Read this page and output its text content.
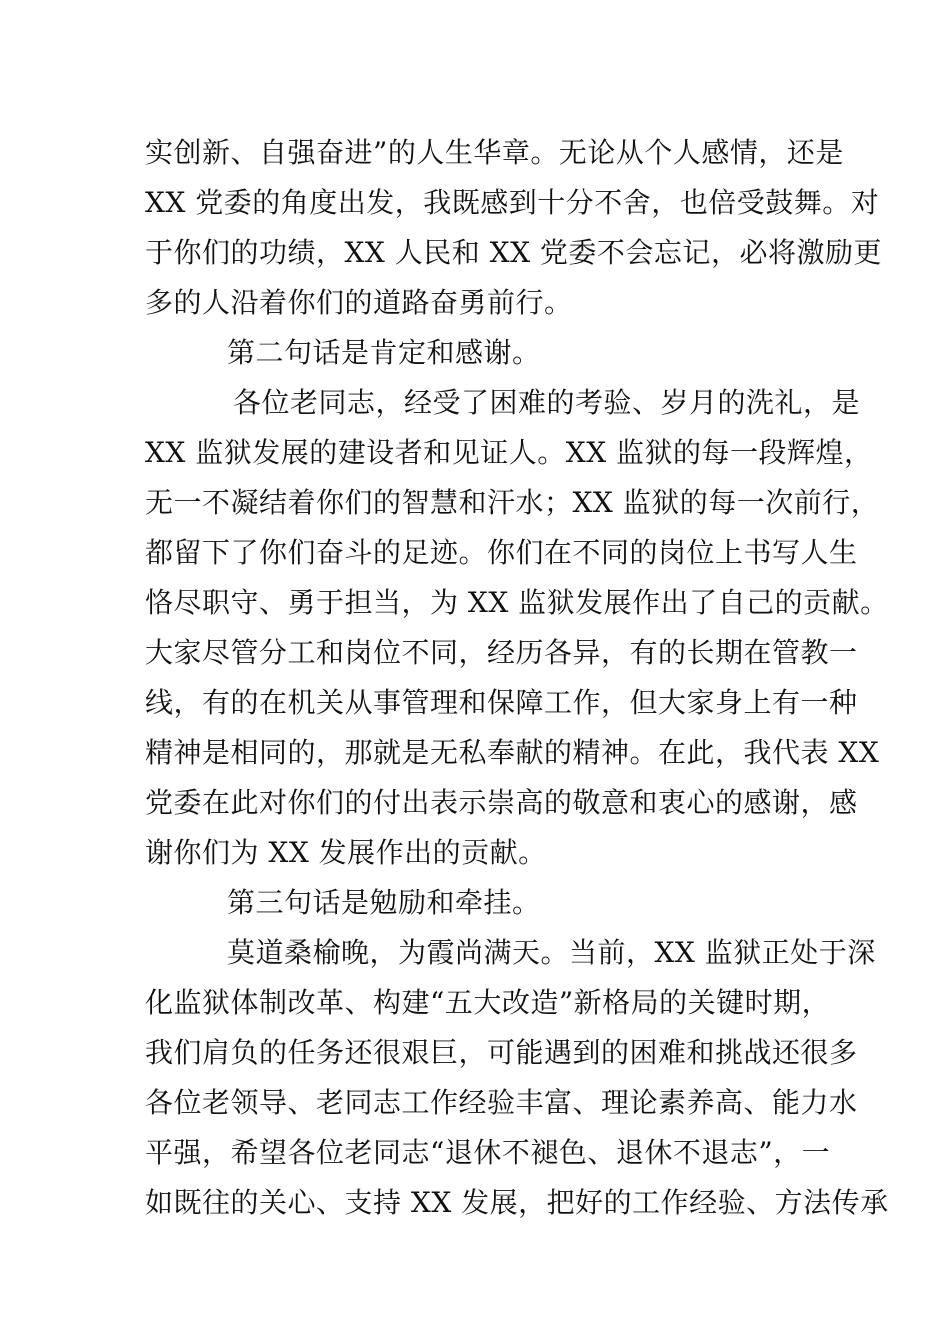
实创新、自强奋进”的人生华章。无论从个人感情，还是
XX 党委的角度出发，我既感到十分不舍，也倍受鼓舞。对
于你们的功绩，XX 人民和 XX 党委不会忘记，必将激励更
多的人沿着你们的道路奋勇前行。
第二句话是肯定和感谢。
各位老同志，经受了困难的考验、岁月的洗礼，是
XX 监狱发展的建设者和见证人。XX 监狱的每一段辉煌，
无一不凝结着你们的智慧和汗水；XX 监狱的每一次前行，
都留下了你们奋斗的足迹。你们在不同的岗位上书写人生
恪尽职守、勇于担当，为 XX 监狱发展作出了自己的贡献。
大家尽管分工和岗位不同，经历各异，有的长期在管教一
线，有的在机关从事管理和保障工作，但大家身上有一种
精神是相同的，那就是无私奉献的精神。在此，我代表 XX
党委在此对你们的付出表示崇高的敬意和衷心的感谢，感
谢你们为 XX 发展作出的贡献。
第三句话是勉励和牵挂。
莫道桑榆晚，为霞尚满天。当前，XX 监狱正处于深
化监狱体制改革、构建“五大改造”新格局的关键时期，
我们肩负的任务还很艰巨，可能遇到的困难和挑战还很多
各位老领导、老同志工作经验丰富、理论素养高、能力水
平强，希望各位老同志“退休不褪色、退休不退志”，一
如既往的关心、支持 XX 发展，把好的工作经验、方法传承
